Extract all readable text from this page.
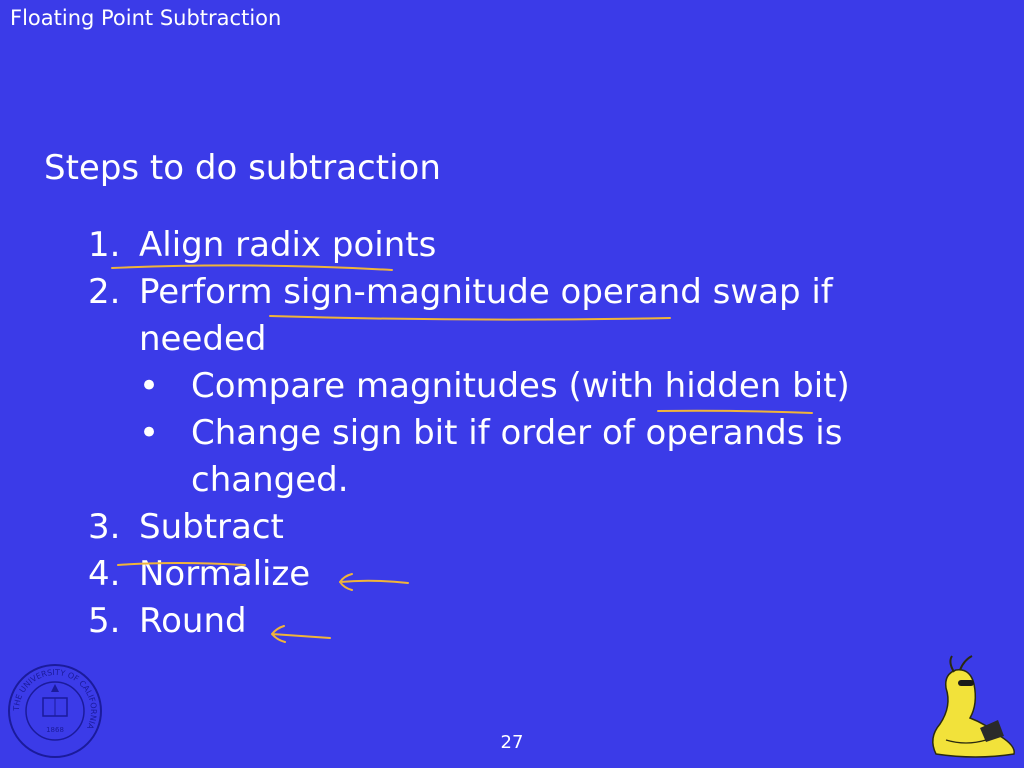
Floating Point Subtraction
Steps to do subtraction
1. Align radix points
2. Perform sign-magnitude operand swap if
needed
• Compare magnitudes (with hidden bit)
• Change sign bit if order of operands is
changed.
3. Subtract
4. Normalize
5. Round
27
THE UNIVERSITY OF CALIFORNIA
1868
